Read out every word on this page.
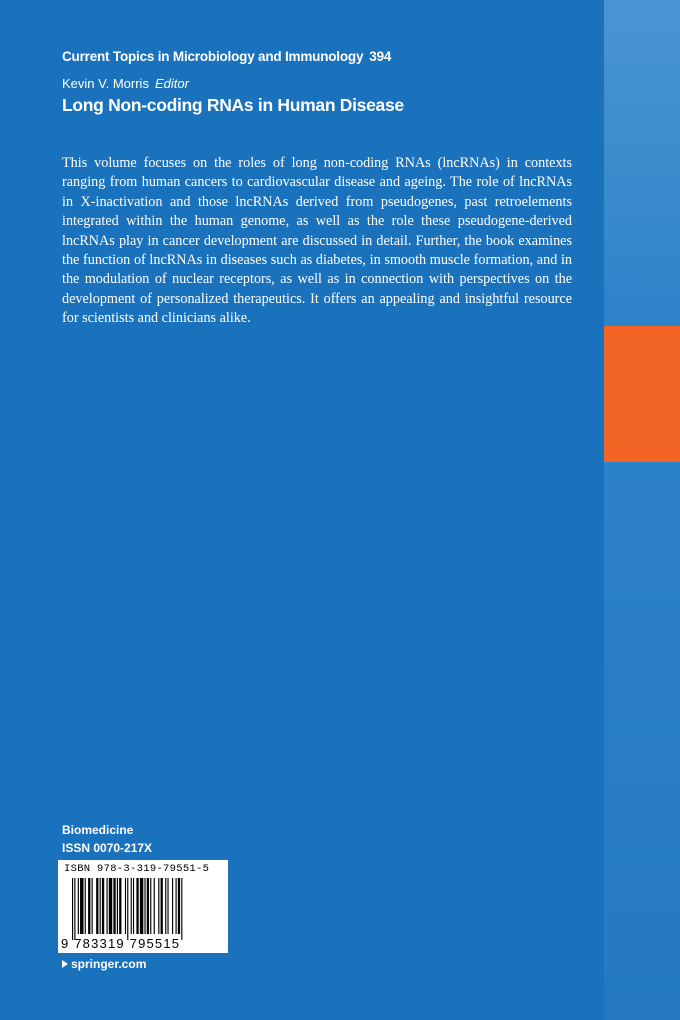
Current Topics in Microbiology and Immunology 394
Kevin V. Morris Editor
Long Non-coding RNAs in Human Disease

This volume focuses on the roles of long non-coding RNAs (lncRNAs) in contexts ranging from human cancers to cardiovascular disease and ageing. The role of lncRNAs in X-inactivation and those lncRNAs derived from pseudogenes, past retroelements integrated within the human genome, as well as the role these pseudogene-derived lncRNAs play in cancer development are discussed in detail. Further, the book examines the function of lncRNAs in diseases such as diabetes, in smooth muscle formation, and in the modulation of nuclear receptors, as well as in connection with perspectives on the development of personalized therapeutics. It offers an appealing and insightful resource for scientists and clinicians alike.

Biomedicine
ISSN 0070-217X
ISBN 978-3-319-79551-5
9 783319 795515
springer.com
